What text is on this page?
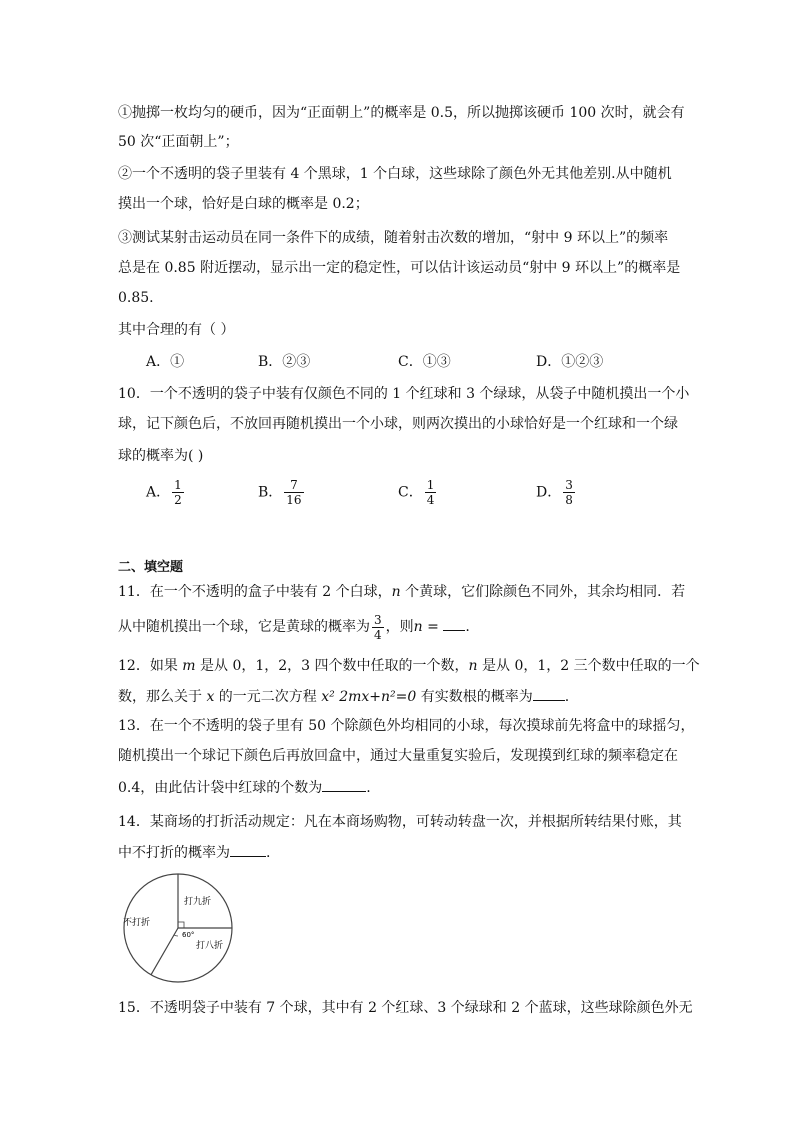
①抛掷一枚均匀的硬币，因为“正面朝上”的概率是 0.5，所以抛掷该硬币 100 次时，就会有
50 次“正面朝上”；
②一个不透明的袋子里装有 4 个黑球，1 个白球，这些球除了颜色外无其他差别.从中随机
摸出一个球，恰好是白球的概率是 0.2；
③测试某射击运动员在同一条件下的成绩，随着射击次数的增加，“射中 9 环以上”的频率
总是在 0.85 附近摆动，显示出一定的稳定性，可以估计该运动员“射中 9 环以上”的概率是
0.85.
其中合理的有（ ）
A．①	B．②③	C．①③	D．①②③
10．一个不透明的袋子中装有仅颜色不同的 1 个红球和 3 个绿球，从袋子中随机摸出一个小
球，记下颜色后，不放回再随机摸出一个小球，则两次摸出的小球恰好是一个红球和一个绿
球的概率为( )
A． $\frac{1}{2}$	B． $\frac{7}{16}$	C． $\frac{1}{4}$	D． $\frac{3}{8}$
二、填空题
11．在一个不透明的盒子中装有 2 个白球，n 个黄球，它们除颜色不同外，其余均相同．若
从中随机摸出一个球，它是黄球的概率为 $\frac{3}{4}$ ，则n = .
12．如果 m 是从 0，1，2，3 四个数中任取的一个数，n 是从 0，1，2 三个数中任取的一个
数，那么关于 x 的一元二次方程 x² 2mx+n²=0 有实数根的概率为 .
13．在一个不透明的袋子里有 50 个除颜色外均相同的小球，每次摸球前先将盒中的球摇匀，
随机摸出一个球记下颜色后再放回盒中，通过大量重复实验后，发现摸到红球的频率稳定在
0.4，由此估计袋中红球的个数为	.
14．某商场的打折活动规定：凡在本商场购物，可转动转盘一次，并根据所转结果付账，其
中不打折的概率为	.
不打折
打九折
打八折
60°
15．不透明袋子中装有 7 个球，其中有 2 个红球、3 个绿球和 2 个蓝球，这些球除颜色外无
